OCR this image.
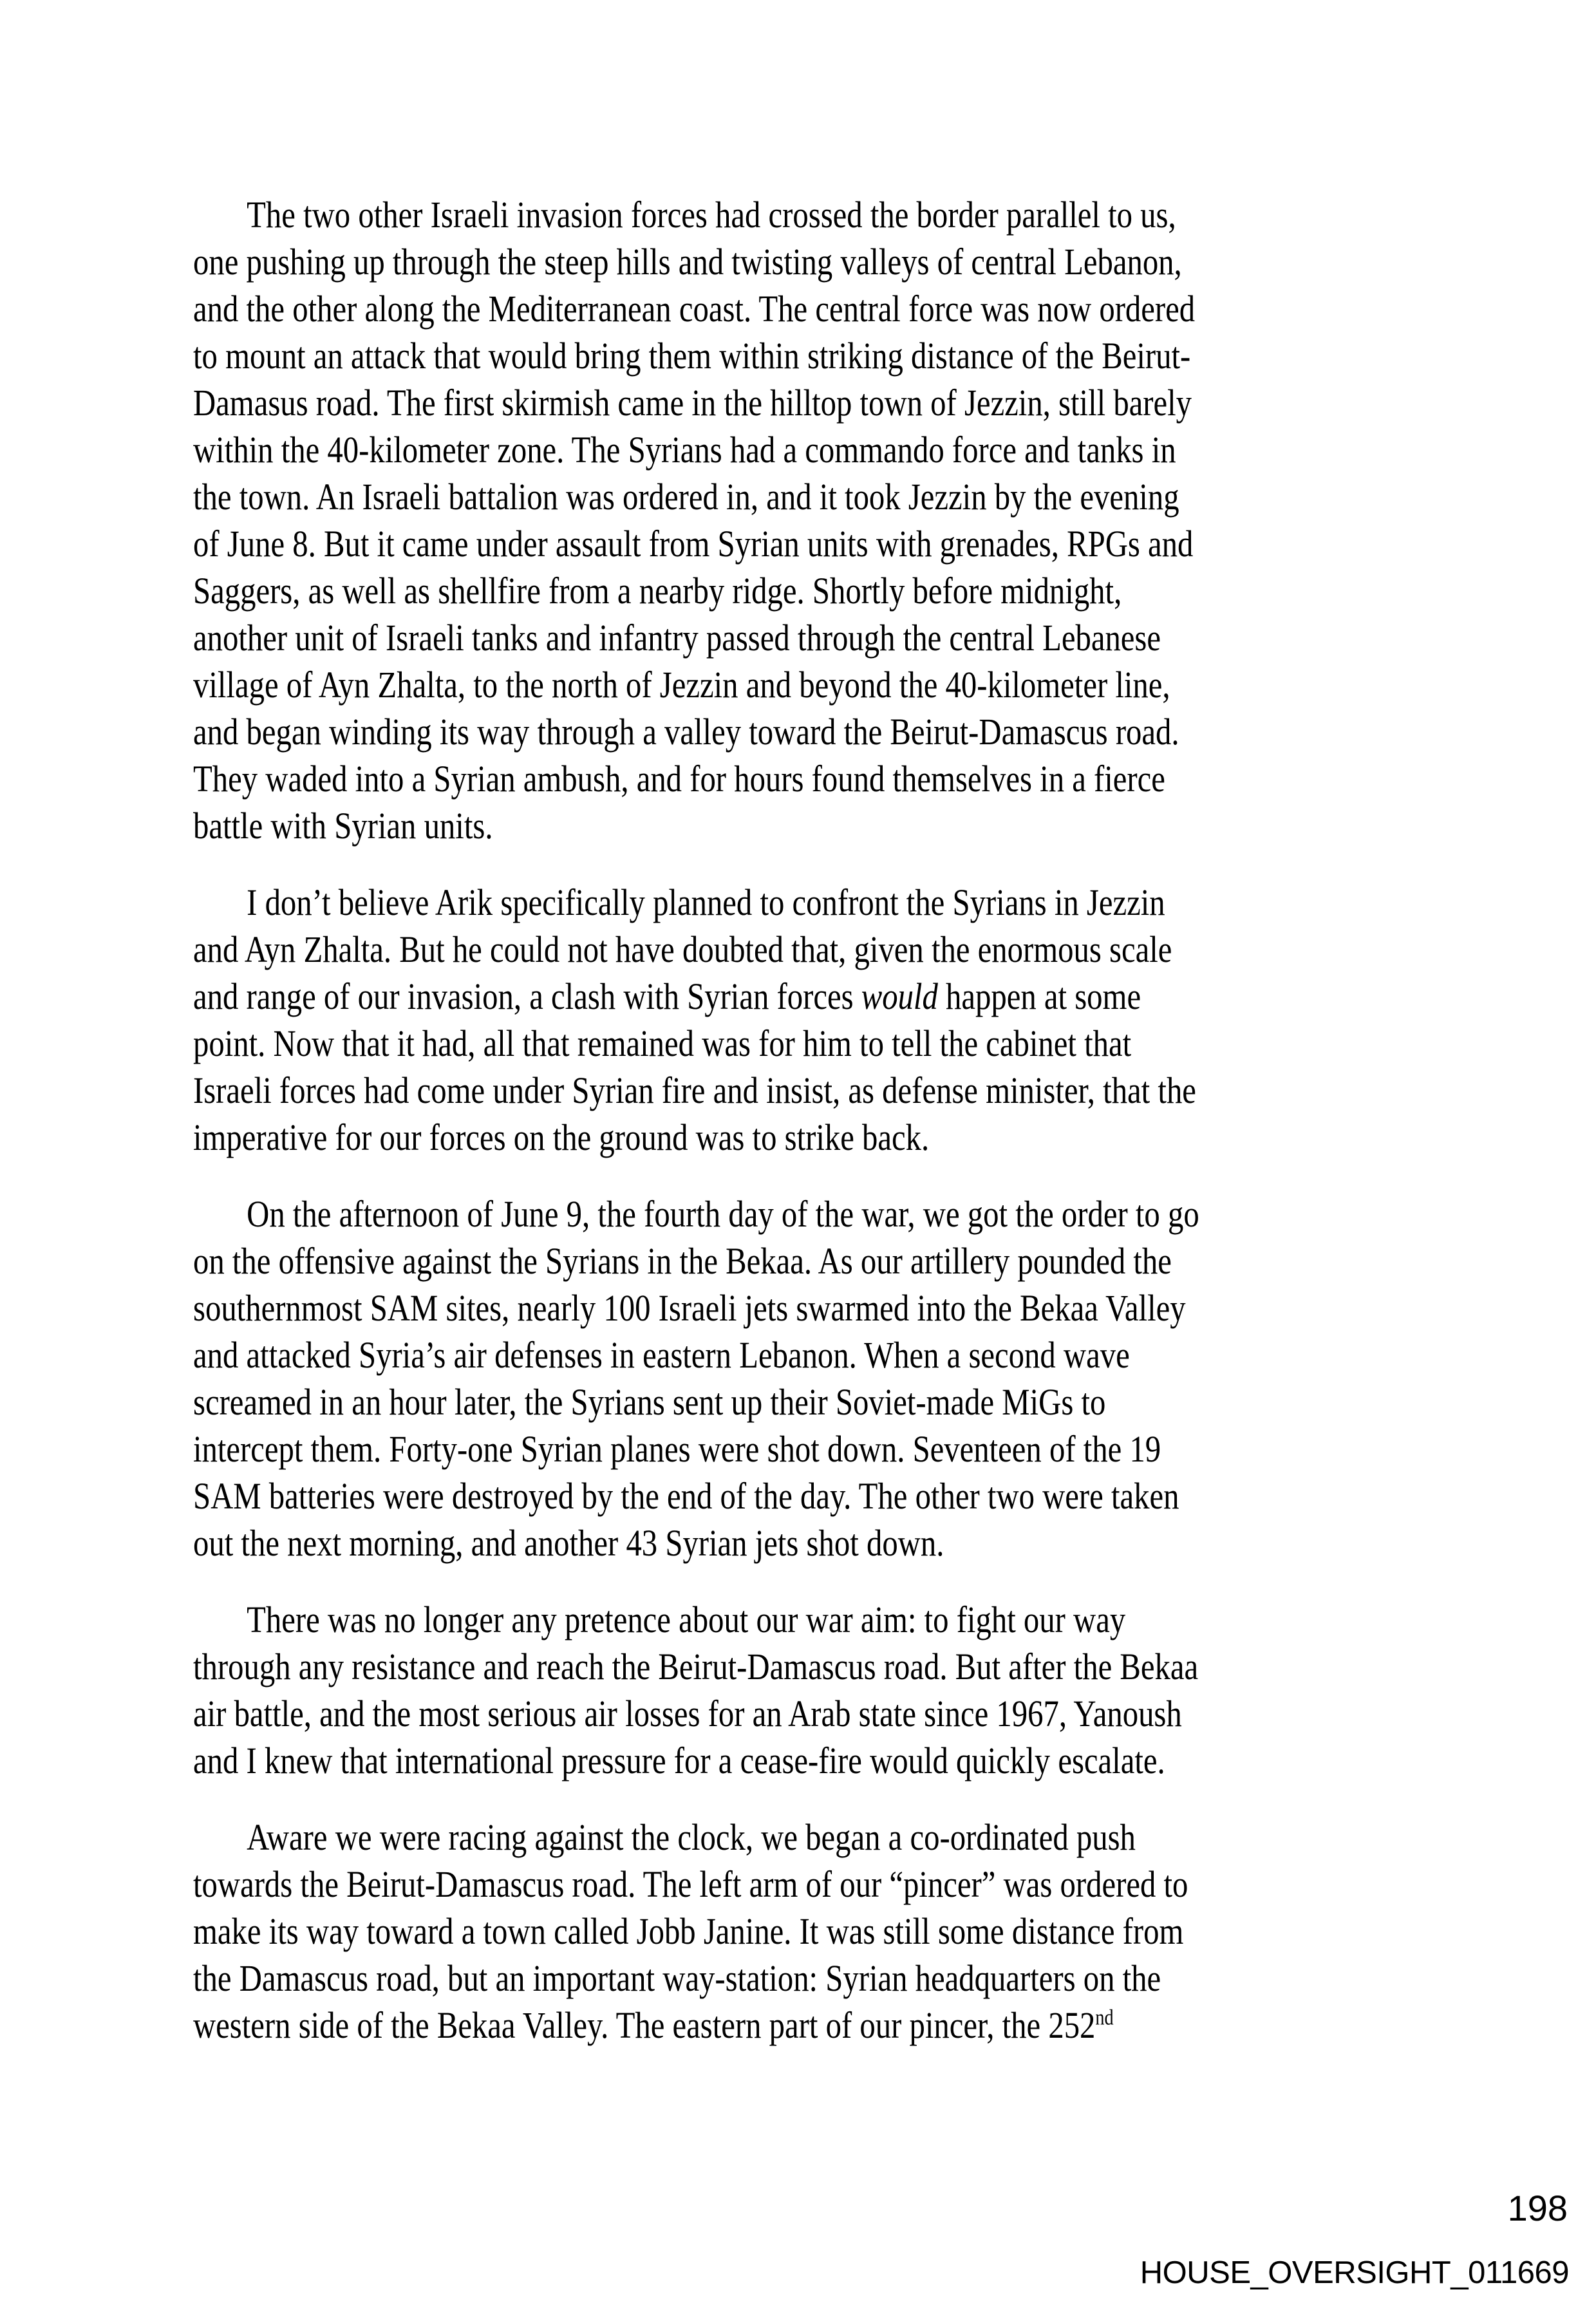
The two other Israeli invasion forces had crossed the border parallel to us,
one pushing up through the steep hills and twisting valleys of central Lebanon,
and the other along the Mediterranean coast. The central force was now ordered
to mount an attack that would bring them within striking distance of the Beirut-
Damasus road. The first skirmish came in the hilltop town of Jezzin, still barely
within the 40-kilometer zone. The Syrians had a commando force and tanks in
the town. An Israeli battalion was ordered in, and it took Jezzin by the evening
of June 8. But it came under assault from Syrian units with grenades, RPGs and
Saggers, as well as shellfire from a nearby ridge. Shortly before midnight,
another unit of Israeli tanks and infantry passed through the central Lebanese
village of Ayn Zhalta, to the north of Jezzin and beyond the 40-kilometer line,
and began winding its way through a valley toward the Beirut-Damascus road.
They waded into a Syrian ambush, and for hours found themselves in a fierce
battle with Syrian units.
I don’t believe Arik specifically planned to confront the Syrians in Jezzin
and Ayn Zhalta. But he could not have doubted that, given the enormous scale
and range of our invasion, a clash with Syrian forces would happen at some
point. Now that it had, all that remained was for him to tell the cabinet that
Israeli forces had come under Syrian fire and insist, as defense minister, that the
imperative for our forces on the ground was to strike back.
On the afternoon of June 9, the fourth day of the war, we got the order to go
on the offensive against the Syrians in the Bekaa. As our artillery pounded the
southernmost SAM sites, nearly 100 Israeli jets swarmed into the Bekaa Valley
and attacked Syria’s air defenses in eastern Lebanon. When a second wave
screamed in an hour later, the Syrians sent up their Soviet-made MiGs to
intercept them. Forty-one Syrian planes were shot down. Seventeen of the 19
SAM batteries were destroyed by the end of the day. The other two were taken
out the next morning, and another 43 Syrian jets shot down.
There was no longer any pretence about our war aim: to fight our way
through any resistance and reach the Beirut-Damascus road. But after the Bekaa
air battle, and the most serious air losses for an Arab state since 1967, Yanoush
and I knew that international pressure for a cease-fire would quickly escalate.
Aware we were racing against the clock, we began a co-ordinated push
towards the Beirut-Damascus road. The left arm of our “pincer” was ordered to
make its way toward a town called Jobb Janine. It was still some distance from
the Damascus road, but an important way-station: Syrian headquarters on the
western side of the Bekaa Valley. The eastern part of our pincer, the 252nd
198
HOUSE_OVERSIGHT_011669
